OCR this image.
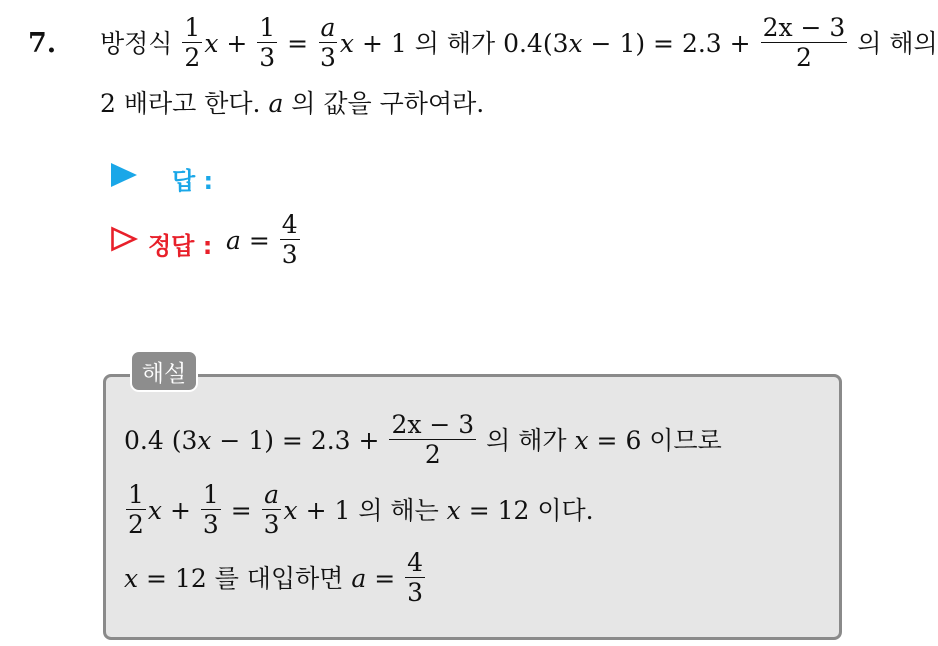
7. 방정식 $\frac{1}{2}$ $x + \frac{1}{3} = \frac{a}{3}$ x + 1 의 해가 0.4(3 $x - 1) = 2.3 + \frac{2x - 3}{2}$ 의 해의
2 배라고 한다. a 의 값을 구하여라.
답 :
정답 : $a = \frac{4}{3}$
해설
0.4 (3 $x - 1) = 2.3 + \frac{2x - 3}{2}$ 의 해가 x = 6 이므로
$\frac{1}{2}$ $x + \frac{1}{3} = \frac{a}{3}$ x + 1 의 해는 x = 12 이다.
x = 12 를 대입하면 $a = \frac{4}{3}$
